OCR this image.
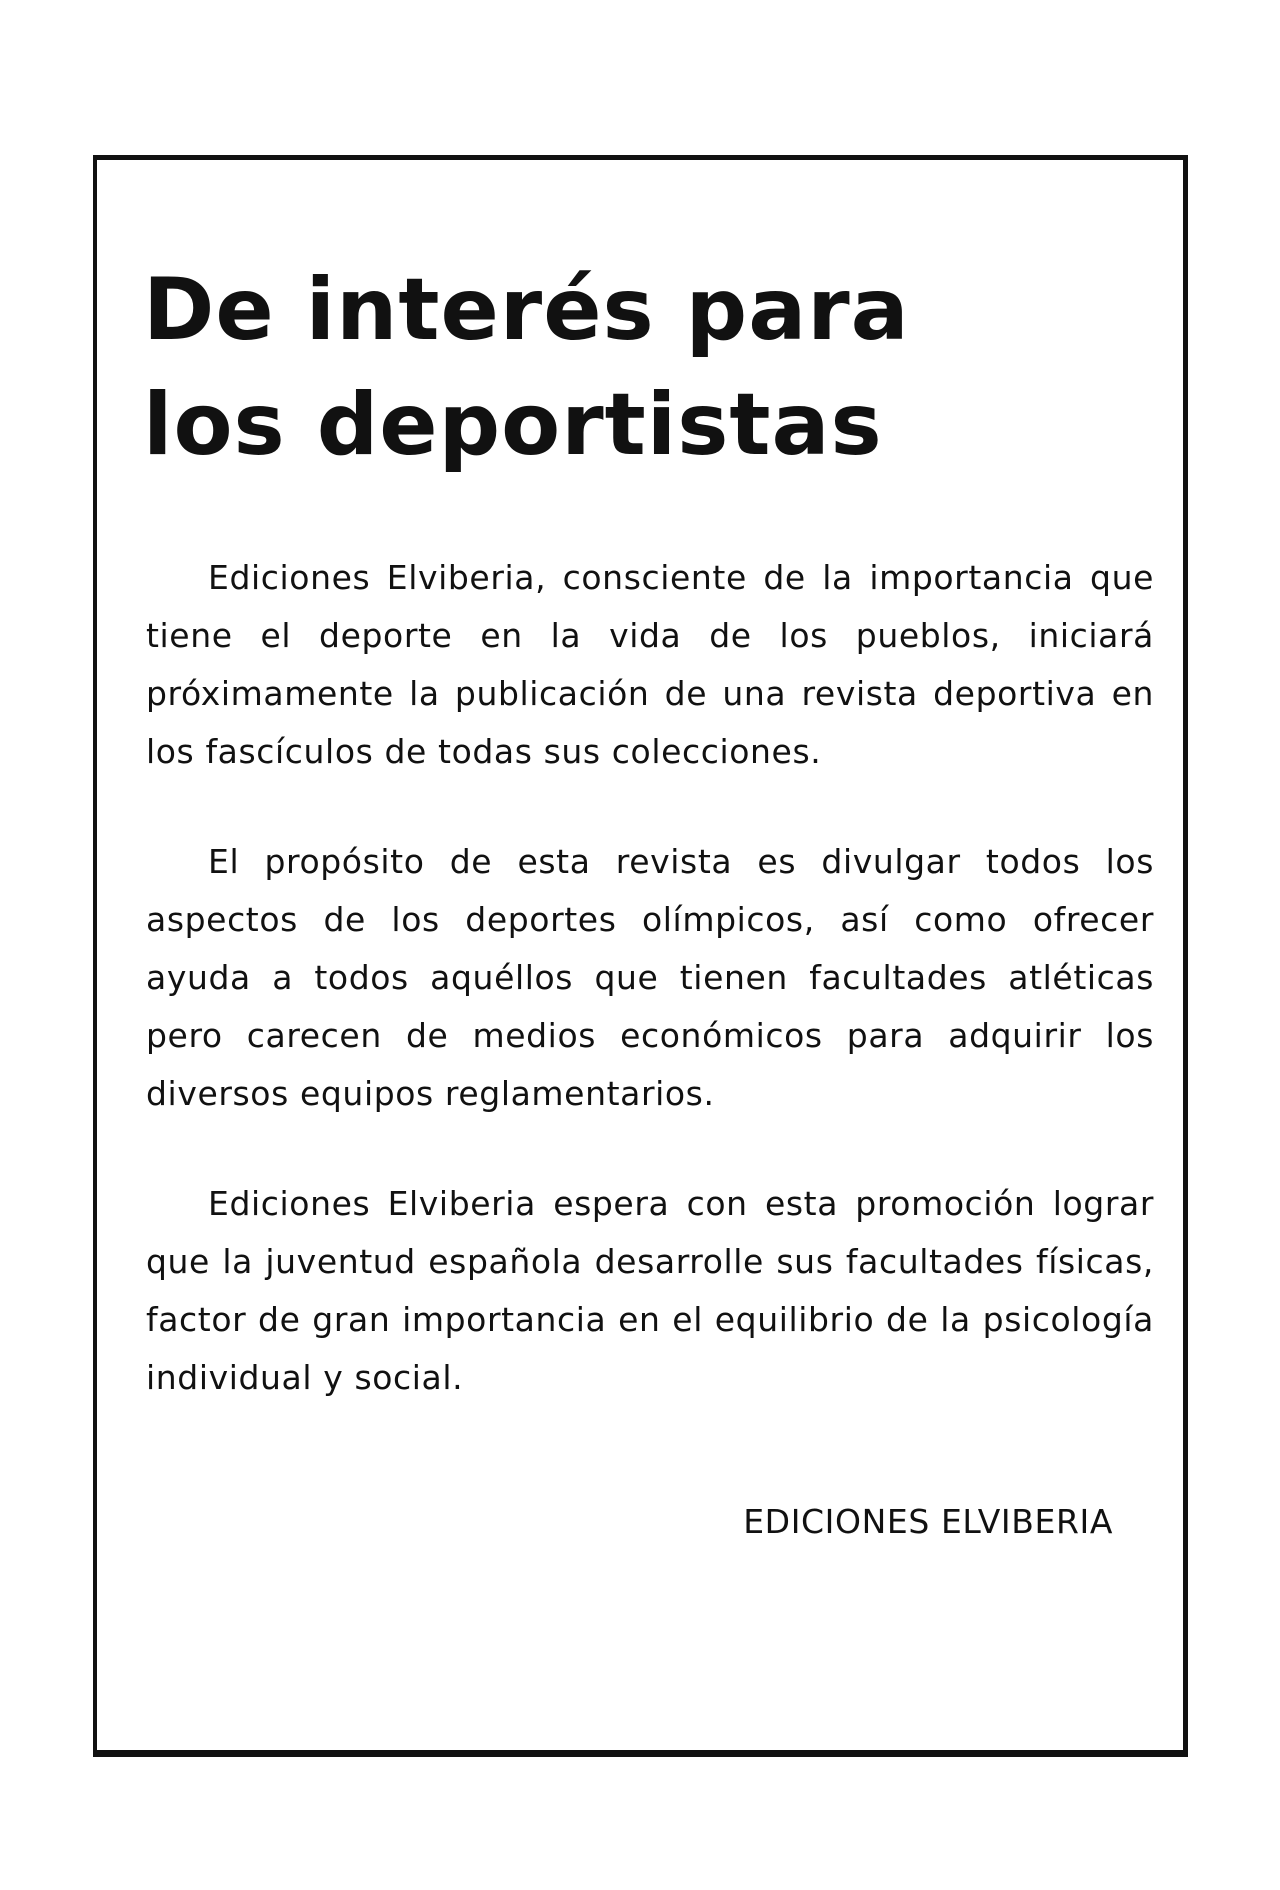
De interés para los deportistas

Ediciones Elviberia, consciente de la importancia que tiene el deporte en la vida de los pueblos, iniciará próximamente la publicación de una revista deportiva en los fascículos de todas sus colecciones.

El propósito de esta revista es divulgar todos los aspectos de los deportes olímpicos, así como ofrecer ayuda a todos aquéllos que tienen facultades atléticas pero carecen de medios económicos para adquirir los diversos equipos reglamentarios.

Ediciones Elviberia espera con esta promoción lograr que la juventud española desarrolle sus facultades físicas, factor de gran importancia en el equilibrio de la psicología individual y social.

EDICIONES ELVIBERIA
